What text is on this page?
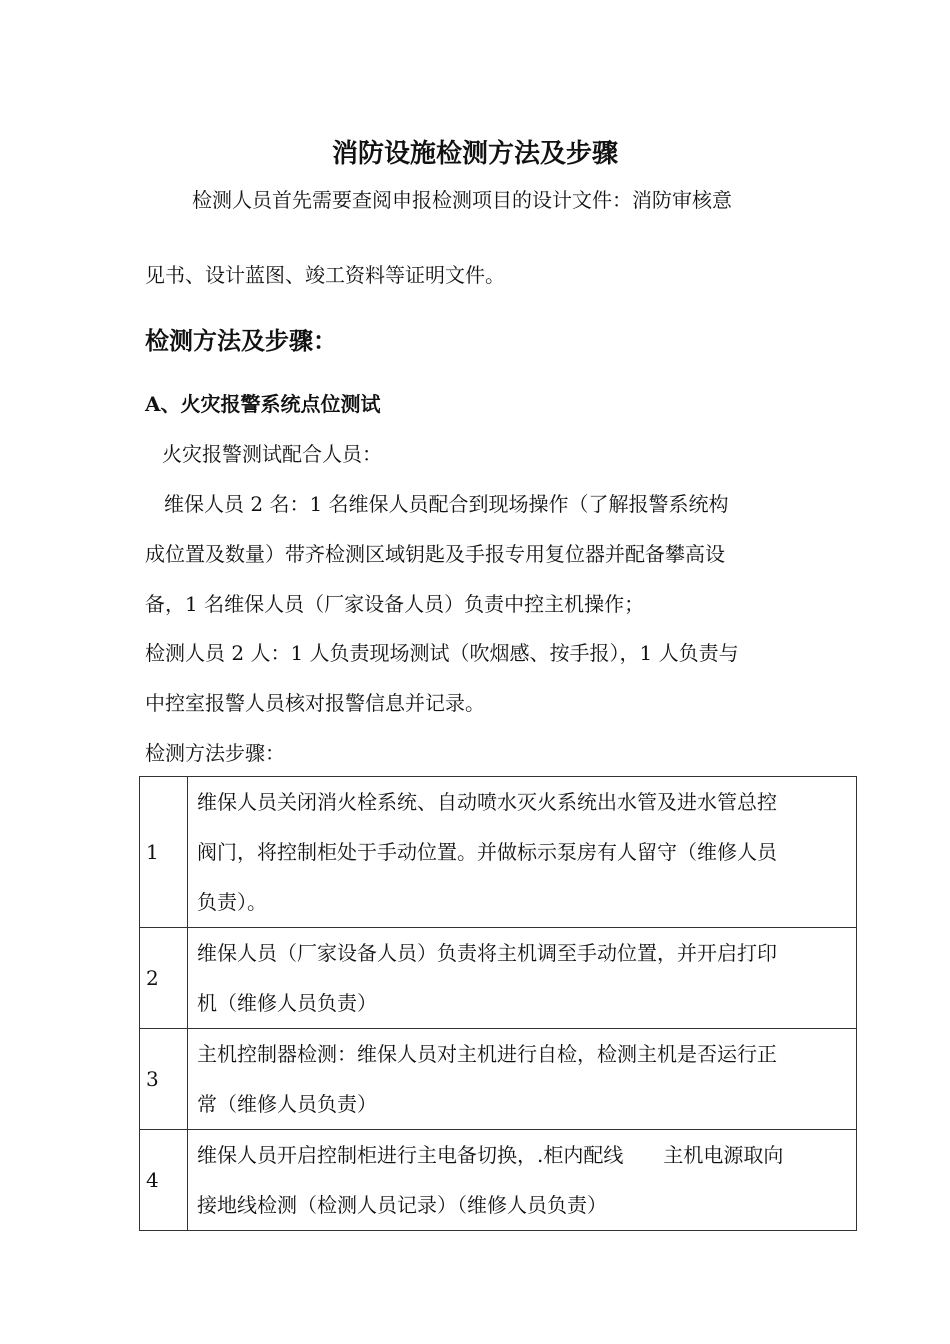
消防设施检测方法及步骤
检测人员首先需要查阅申报检测项目的设计文件：消防审核意
见书、设计蓝图、竣工资料等证明文件。
检测方法及步骤：
A、火灾报警系统点位测试
火灾报警测试配合人员：
维保人员 2 名：1 名维保人员配合到现场操作（了解报警系统构
成位置及数量）带齐检测区域钥匙及手报专用复位器并配备攀高设
备，1 名维保人员（厂家设备人员）负责中控主机操作；
检测人员 2 人：1 人负责现场测试（吹烟感、按手报），1 人负责与
中控室报警人员核对报警信息并记录。
检测方法步骤：
1	维保人员关闭消火栓系统、自动喷水灭火系统出水管及进水管总控
阀门，将控制柜处于手动位置。并做标示泵房有人留守（维修人员
负责）。

2	维保人员（厂家设备人员）负责将主机调至手动位置，并开启打印
机（维修人员负责）

3	主机控制器检测：维保人员对主机进行自检，检测主机是否运行正
常（维修人员负责）

4	维保人员开启控制柜进行主电备切换，.柜内配线　　主机电源取向
接地线检测（检测人员记录）（维修人员负责）
